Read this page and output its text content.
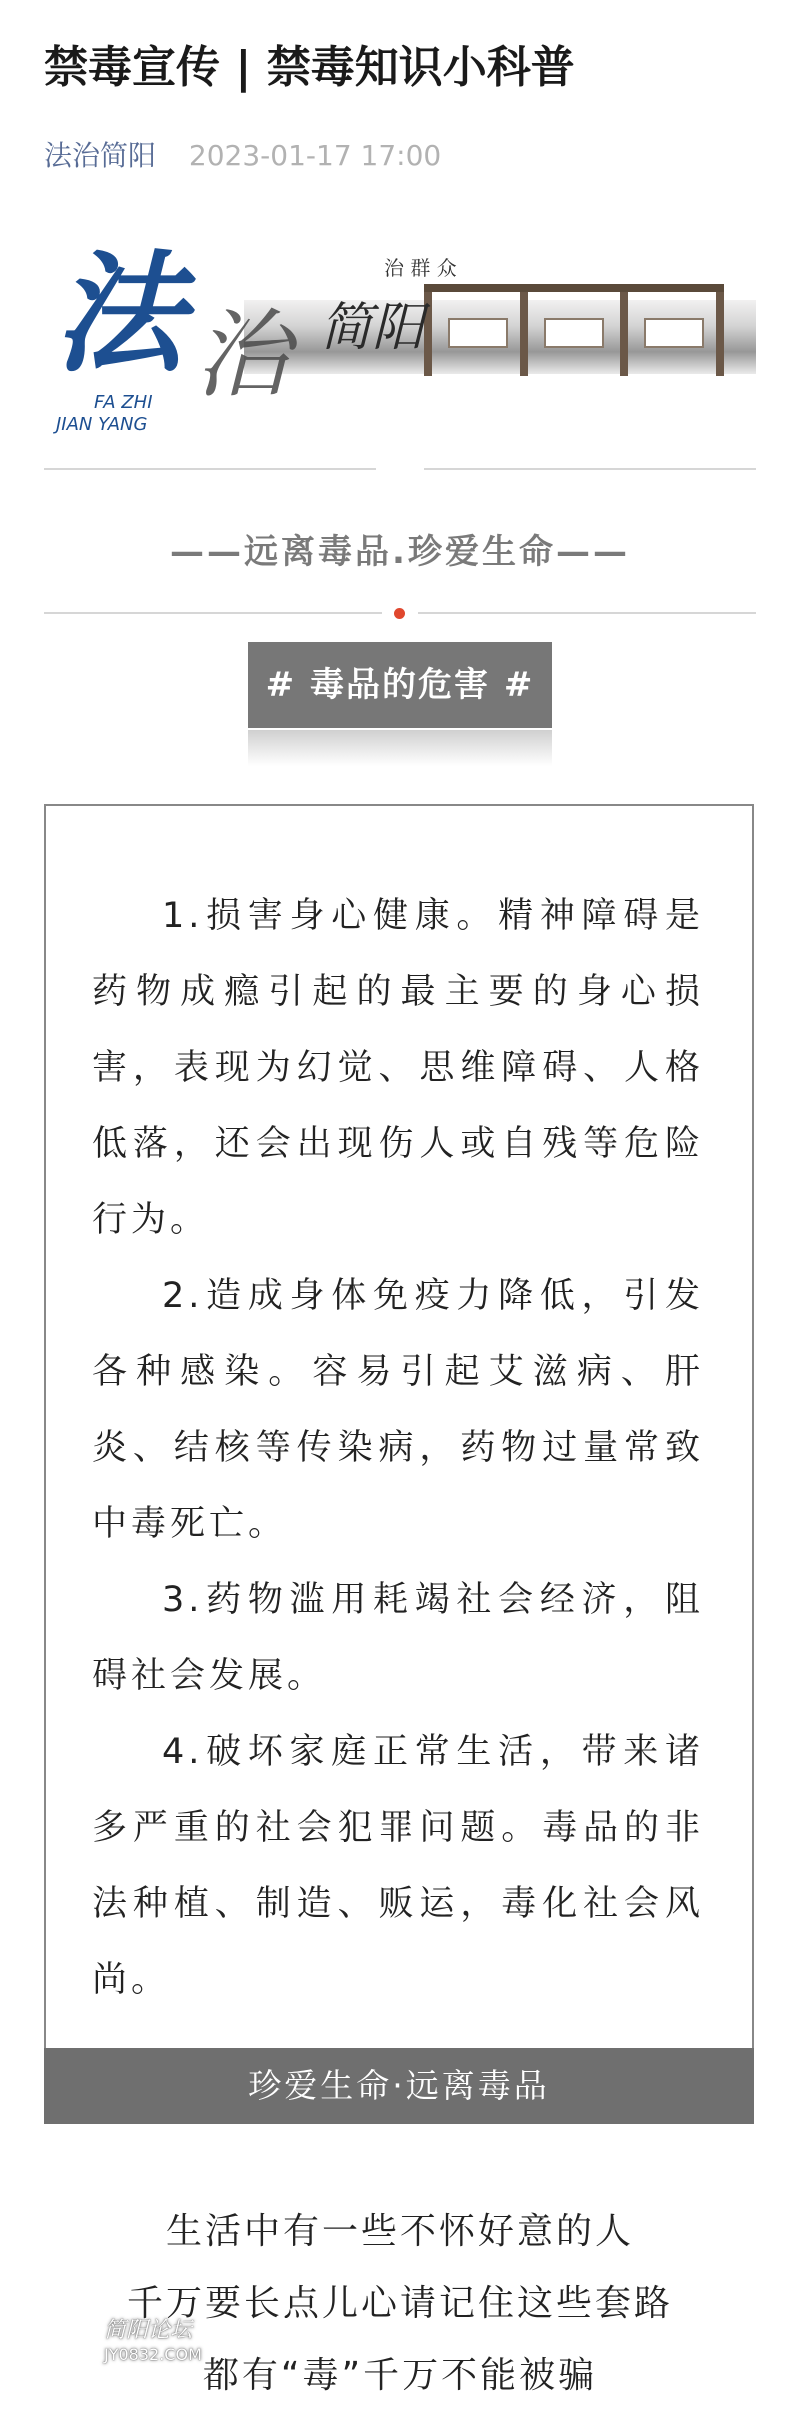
禁毒宣传 | 禁毒知识小科普
法治简阳 2023-01-17 17:00
治 群 众
法 治 简阳
FA ZHI
JIAN YANG
——远离毒品.珍爱生命——
# 毒品的危害 #

1.损害身心健康。精神障碍是药物成瘾引起的最主要的身心损害，表现为幻觉、思维障碍、人格低落，还会出现伤人或自残等危险行为。

2.造成身体免疫力降低，引发各种感染。容易引起艾滋病、肝炎、结核等传染病，药物过量常致中毒死亡。

3.药物滥用耗竭社会经济，阻碍社会发展。

4.破坏家庭正常生活，带来诸多严重的社会犯罪问题。毒品的非法种植、制造、贩运，毒化社会风尚。

珍爱生命·远离毒品
生活中有一些不怀好意的人
千万要长点儿心请记住这些套路
都有“毒”千万不能被骗
简阳论坛
JY0832.COM
